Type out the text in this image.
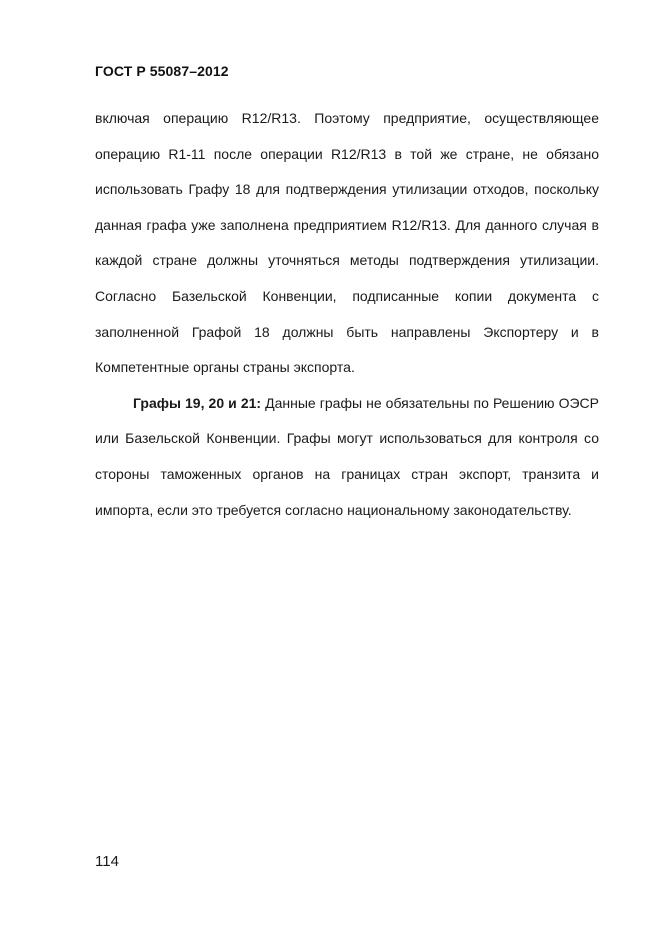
ГОСТ Р 55087–2012

включая операцию R12/R13. Поэтому предприятие, осуществляющее операцию R1-11 после операции R12/R13 в той же стране, не обязано использовать Графу 18 для подтверждения утилизации отходов, поскольку данная графа уже заполнена предприятием R12/R13. Для данного случая в каждой стране должны уточняться методы подтверждения утилизации. Согласно Базельской Конвенции, подписанные копии документа с заполненной Графой 18 должны быть направлены Экспортеру и в Компетентные органы страны экспорта.

Графы 19, 20 и 21: Данные графы не обязательны по Решению ОЭСР или Базельской Конвенции. Графы могут использоваться для контроля со стороны таможенных органов на границах стран экспорт, транзита и импорта, если это требуется согласно национальному законодательству.

114
